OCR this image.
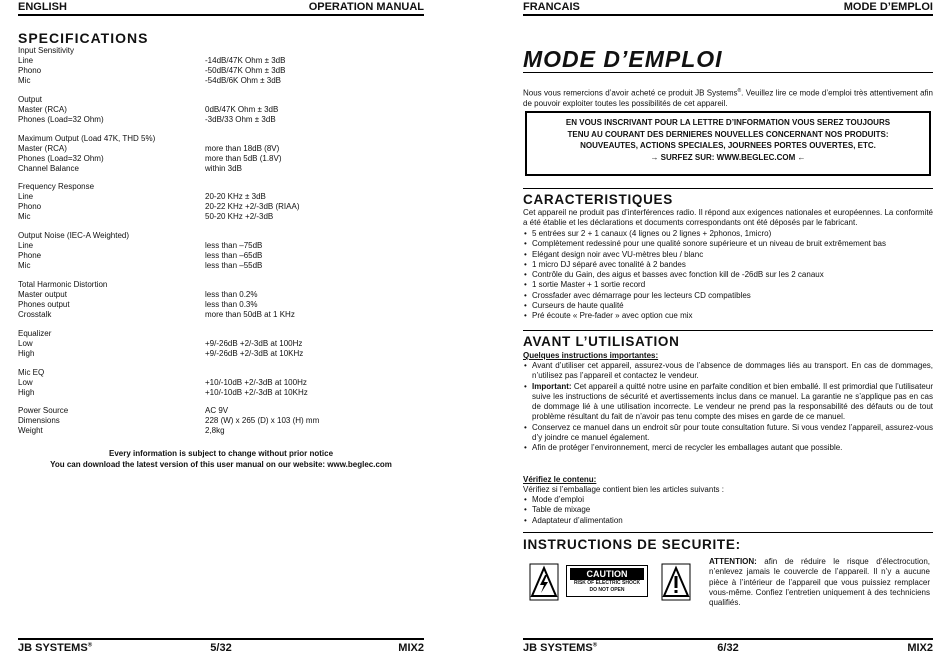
ENGLISH	OPERATION MANUAL
SPECIFICATIONS
Input Sensitivity
Line	-14dB/47K Ohm ± 3dB
Phono	-50dB/47K Ohm ± 3dB
Mic	-54dB/6K Ohm ± 3dB
Output
Master (RCA)	0dB/47K Ohm ± 3dB
Phones (Load=32 Ohm)	-3dB/33 Ohm ± 3dB
Maximum Output (Load 47K, THD 5%)
Master (RCA)	more than 18dB (8V)
Phones (Load=32 Ohm)	more than 5dB (1.8V)
Channel Balance	within 3dB
Frequency Response
Line	20-20 KHz ± 3dB
Phono	20-22 KHz +2/-3dB (RIAA)
Mic	50-20 KHz +2/-3dB
Output Noise (IEC-A Weighted)
Line	less than –75dB
Phone	less than –65dB
Mic	less than –55dB
Total Harmonic Distortion
Master output	less than 0.2%
Phones output	less than 0.3%
Crosstalk	more than 50dB at 1 KHz
Equalizer
Low	+9/-26dB +2/-3dB at 100Hz
High	+9/-26dB +2/-3dB at 10KHz
Mic EQ
Low	+10/-10dB +2/-3dB at 100Hz
High	+10/-10dB +2/-3dB at 10KHz
Power Source	AC 9V
Dimensions	228 (W) x 265 (D) x 103 (H) mm
Weight	2,8kg
Every information is subject to change without prior notice
You can download the latest version of this user manual on our website: www.beglec.com
JB SYSTEMS®	5/32	MIX2
FRANCAIS	MODE D’EMPLOI
MODE D’EMPLOI
Nous vous remercions d’avoir acheté ce produit JB Systems®. Veuillez lire ce mode d’emploi très attentivement afin de pouvoir exploiter toutes les possibilités de cet appareil.
EN VOUS INSCRIVANT POUR LA LETTRE D’INFORMATION VOUS SEREZ TOUJOURS
TENU AU COURANT DES DERNIERES NOUVELLES CONCERNANT NOS PRODUITS:
NOUVEAUTES, ACTIONS SPECIALES, JOURNEES PORTES OUVERTES, ETC.
→ SURFEZ SUR: WWW.BEGLEC.COM ←
CARACTERISTIQUES
Cet appareil ne produit pas d’interférences radio. Il répond aux exigences nationales et européennes. La conformité a été établie et les déclarations et documents correspondants ont été déposés par le fabricant.
• 5 entrées sur 2 + 1 canaux (4 lignes ou 2 lignes + 2phonos, 1micro)
• Complètement redessiné pour une qualité sonore supérieure et un niveau de bruit extrêmement bas
• Elégant design noir avec VU-mètres bleu / blanc
• 1 micro DJ séparé avec tonalité à 2 bandes
• Contrôle du Gain, des aigus et basses avec fonction kill de -26dB sur les 2 canaux
• 1 sortie Master + 1 sortie record
• Crossfader avec démarrage pour les lecteurs CD compatibles
• Curseurs de haute qualité
• Pré écoute « Pre-fader » avec option cue mix
AVANT L’UTILISATION
Quelques instructions importantes:
• Avant d’utiliser cet appareil, assurez-vous de l’absence de dommages liés au transport. En cas de dommages, n’utilisez pas l’appareil et contactez le vendeur.
• Important: Cet appareil a quitté notre usine en parfaite condition et bien emballé. Il est primordial que l’utilisateur suive les instructions de sécurité et avertissements inclus dans ce manuel. La garantie ne s’applique pas en cas de dommage lié à une utilisation incorrecte. Le vendeur ne prend pas la responsabilité des défauts ou de tout problème résultant du fait de n’avoir pas tenu compte des mises en garde de ce manuel.
• Conservez ce manuel dans un endroit sûr pour toute consultation future. Si vous vendez l’appareil, assurez-vous d’y joindre ce manuel également.
• Afin de protéger l’environnement, merci de recycler les emballages autant que possible.
Vérifiez le contenu:
Vérifiez si l’emballage contient bien les articles suivants :
• Mode d’emploi
• Table de mixage
• Adaptateur d’alimentation
INSTRUCTIONS DE SECURITE:
JB SYSTEMS®	6/32	MIX2
CAUTION
RISK OF ELECTRIC SHOCK
DO NOT OPEN
ATTENTION: afin de réduire le risque d’électrocution, n’enlevez jamais le couvercle de l’appareil. Il n’y a aucune pièce à l’intérieur de l’appareil que vous puissiez remplacer vous-même. Confiez l’entretien uniquement à des techniciens qualifiés.
